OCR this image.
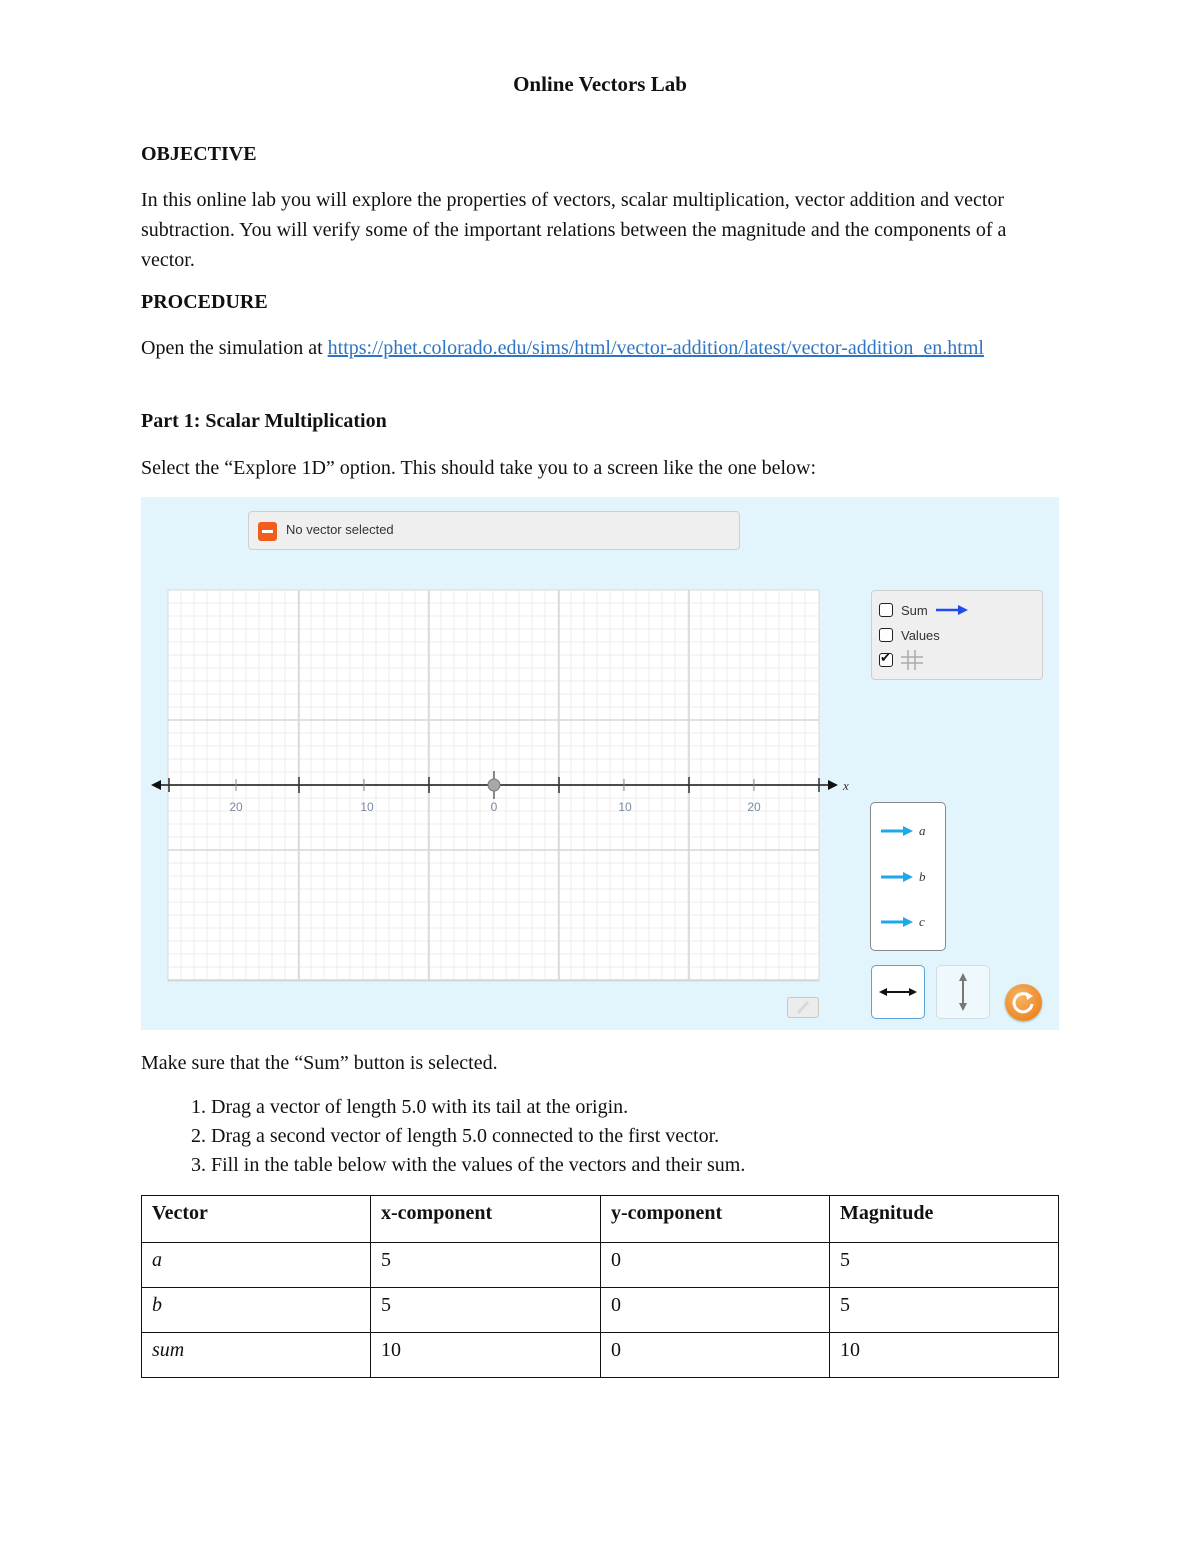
Online Vectors Lab
OBJECTIVE
In this online lab you will explore the properties of vectors, scalar multiplication, vector addition and vector subtraction. You will verify some of the important relations between the magnitude and the components of a vector.
PROCEDURE
Open the simulation at https://phet.colorado.edu/sims/html/vector-addition/latest/vector-addition_en.html
Part 1: Scalar Multiplication
Select the “Explore 1D” option. This should take you to a screen like the one below:
x
20	10	0	10	20
No vector selected
Sum
Values
✔
a
b
c
Make sure that the “Sum” button is selected.
1. Drag a vector of length 5.0 with its tail at the origin.
2. Drag a second vector of length 5.0 connected to the first vector.
3. Fill in the table below with the values of the vectors and their sum.
Vector	x-component	y-component	Magnitude
a	5	0	5
b	5	0	5
sum	10	0	10
